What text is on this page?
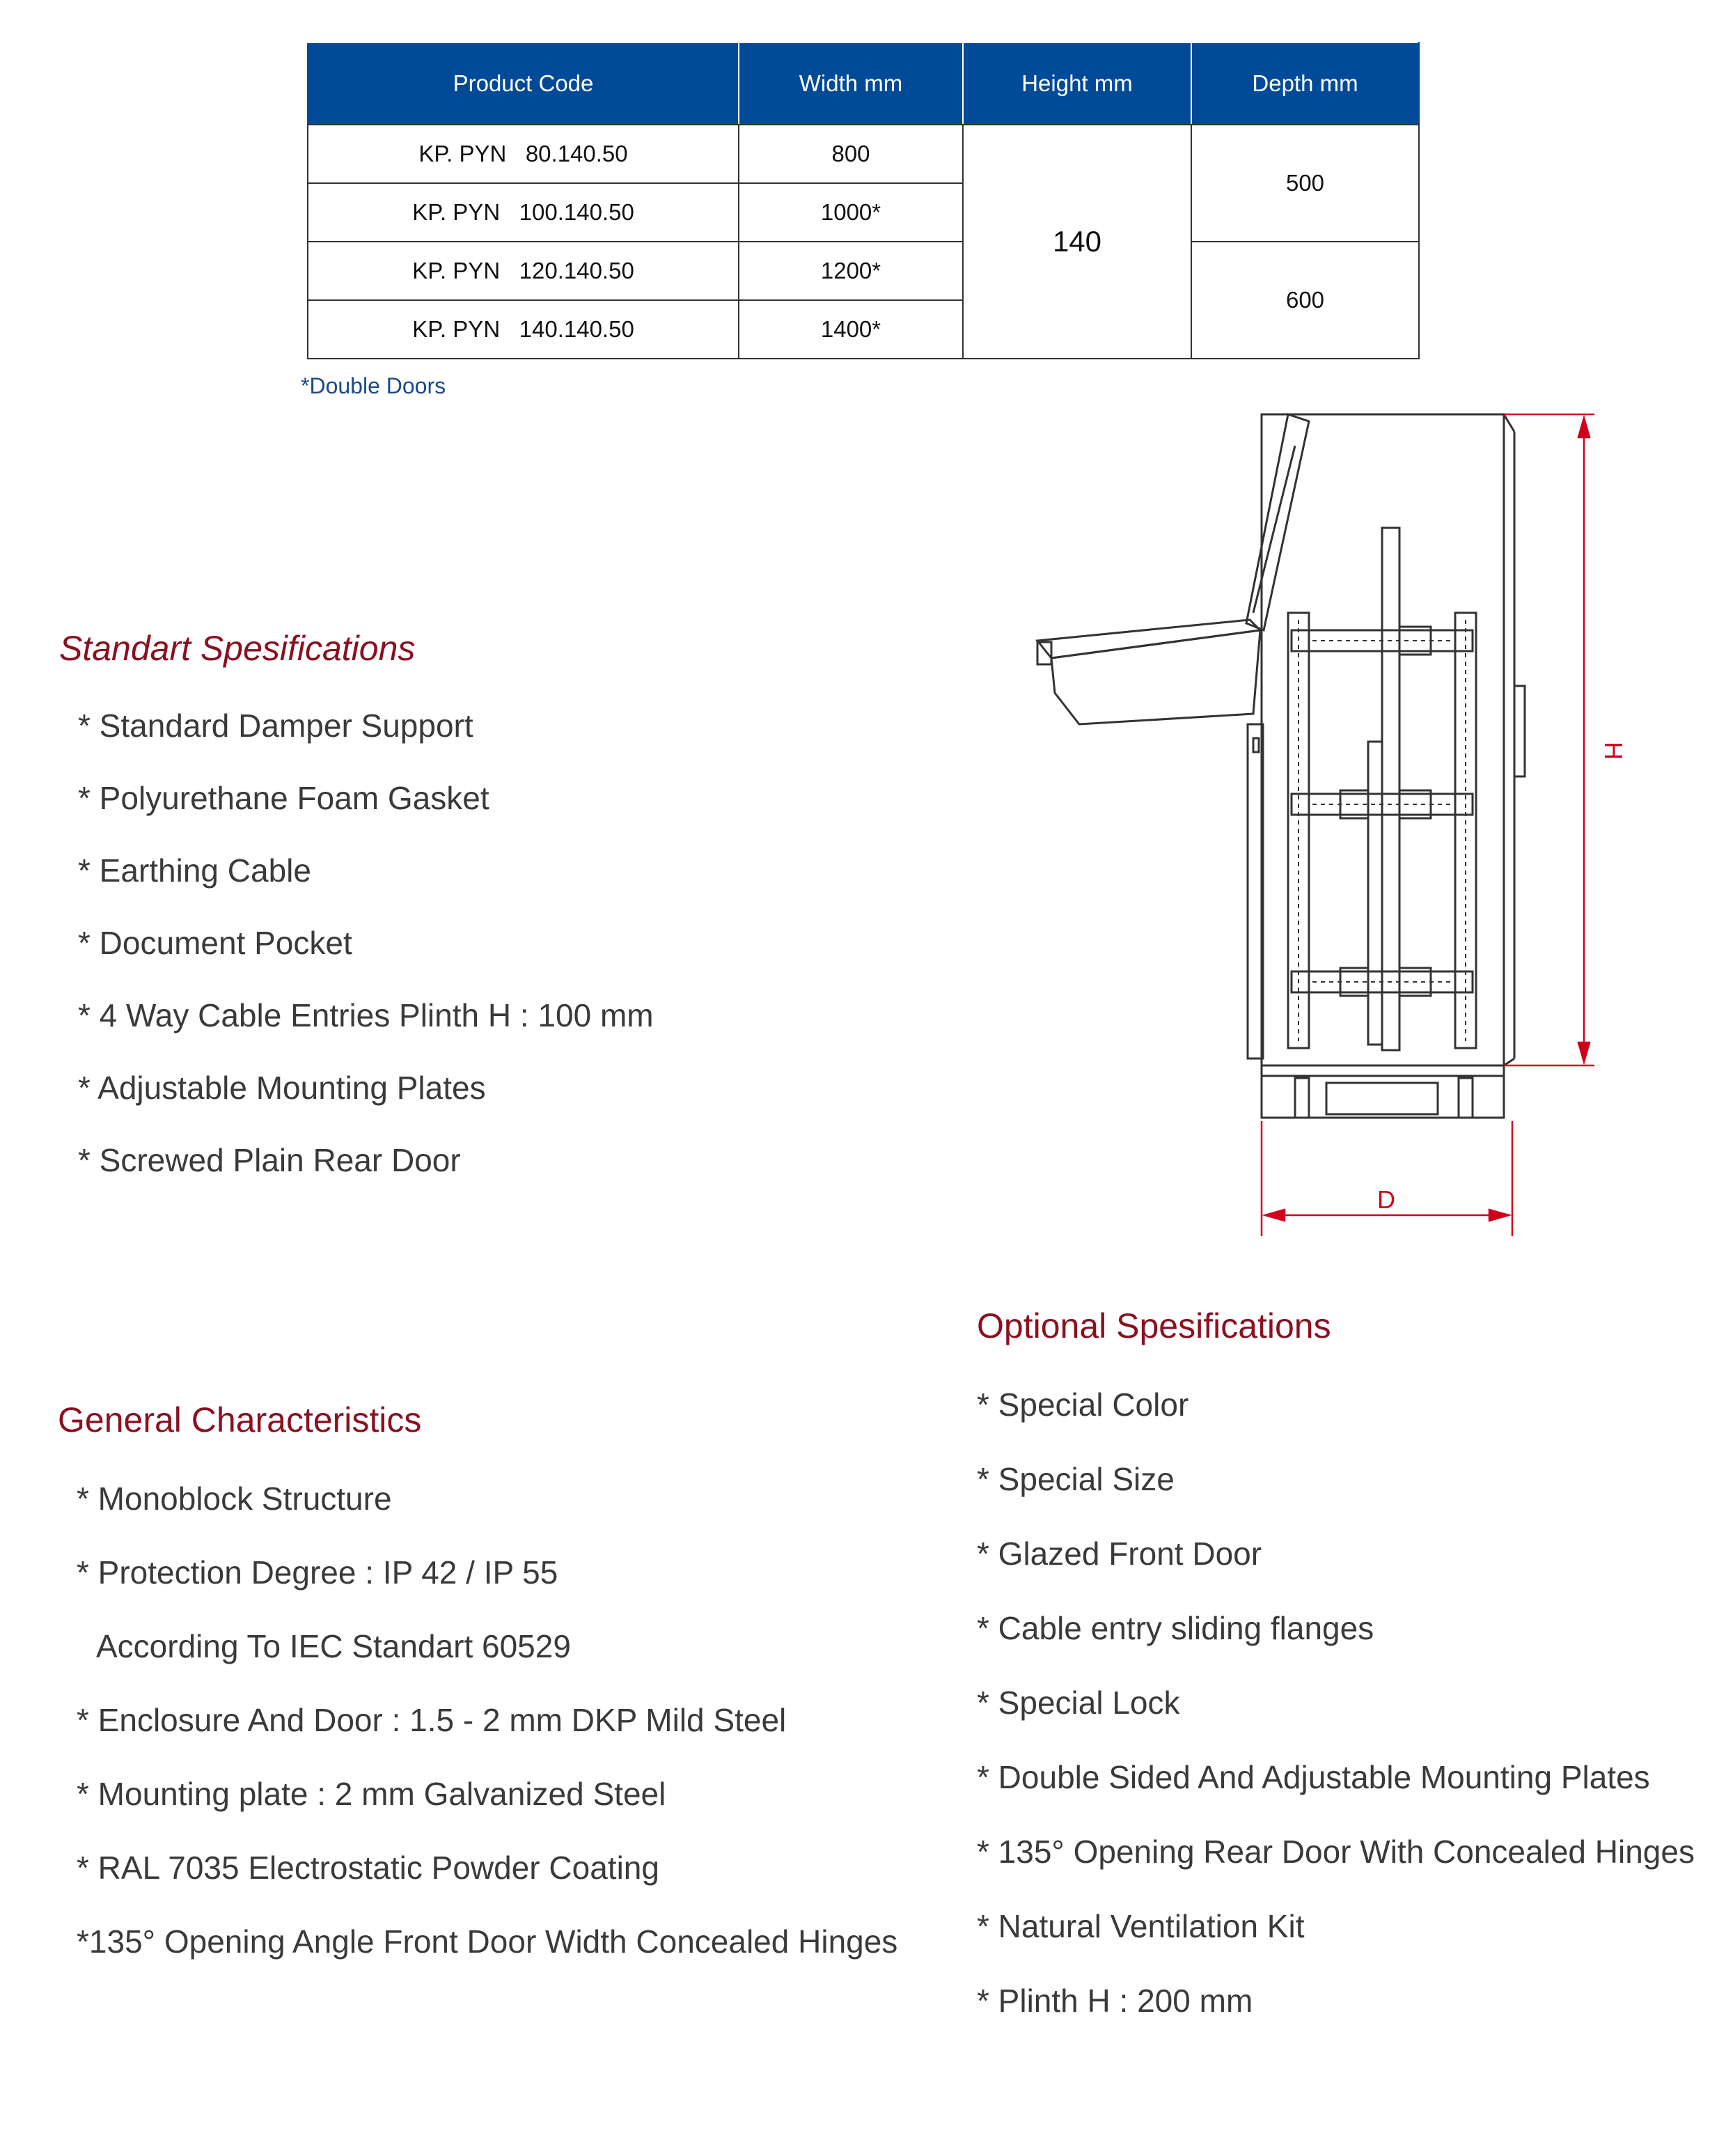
Product Code	Width mm	Height mm	Depth mm
KP. PYN   80.140.50	800	140	500
KP. PYN   100.140.50	1000*		
KP. PYN   120.140.50	1200*		600
KP. PYN   140.140.50	1400*		
*Double Doors
Standart Spesifications
* Standard Damper Support
* Polyurethane Foam Gasket
* Earthing Cable
* Document Pocket
* 4 Way Cable Entries Plinth H : 100 mm
* Adjustable Mounting Plates
* Screwed Plain Rear Door
General Characteristics
* Monoblock Structure
* Protection Degree : IP 42 / IP 55
According To IEC Standart 60529
* Enclosure And Door : 1.5 - 2 mm DKP Mild Steel
* Mounting plate : 2 mm Galvanized Steel
* RAL 7035 Electrostatic Powder Coating
*135° Opening Angle Front Door Width Concealed Hinges
Optional Spesifications
* Special Color
* Special Size
* Glazed Front Door
* Cable entry sliding flanges
* Special Lock
* Double Sided And Adjustable Mounting Plates
* 135° Opening Rear Door With Concealed Hinges
* Natural Ventilation Kit
* Plinth H : 200 mm
H
D
